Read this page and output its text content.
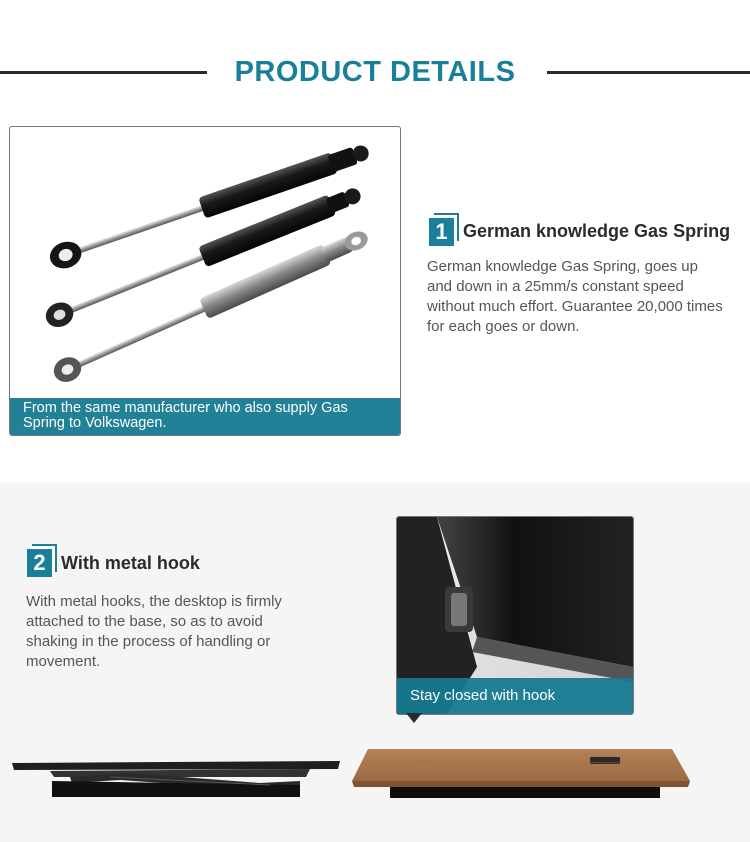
PRODUCT DETAILS
From the same manufacturer who also supply Gas Spring to Volkswagen.
1 German knowledge Gas Spring
German knowledge Gas Spring, goes up and down in a 25mm/s constant speed without much effort. Guarantee 20,000 times for each goes or down.
2 With metal hook
With metal hooks, the desktop is firmly attached to the base, so as to avoid shaking in the process of handling or movement.
Stay closed with hook
